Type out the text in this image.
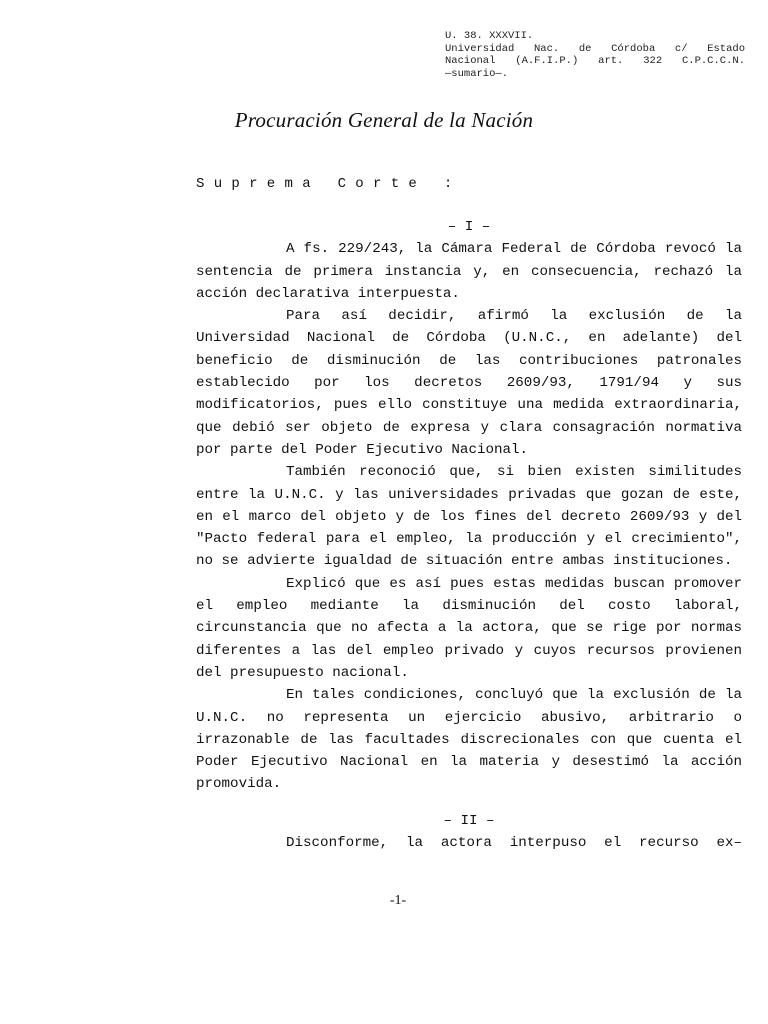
U. 38. XXXVII.
Universidad Nac. de Córdoba c/ Estado
Nacional (A.F.I.P.) art. 322 C.P.C.C.N.
—sumario—.
Procuración General de la Nación
Suprema Corte :
– I –

A fs. 229/243, la Cámara Federal de Córdoba revocó la sentencia de primera instancia y, en consecuencia, rechazó la acción declarativa interpuesta.

Para así decidir, afirmó la exclusión de la Universidad Nacional de Córdoba (U.N.C., en adelante) del beneficio de disminución de las contribuciones patronales establecido por los decretos 2609/93, 1791/94 y sus modificatorios, pues ello constituye una medida extraordinaria, que debió ser objeto de expresa y clara consagración normativa por parte del Poder Ejecutivo Nacional.

También reconoció que, si bien existen similitudes entre la U.N.C. y las universidades privadas que gozan de este, en el marco del objeto y de los fines del decreto 2609/93 y del "Pacto federal para el empleo, la producción y el crecimiento", no se advierte igualdad de situación entre ambas instituciones.

Explicó que es así pues estas medidas buscan promover el empleo mediante la disminución del costo laboral, circunstancia que no afecta a la actora, que se rige por normas diferentes a las del empleo privado y cuyos recursos provienen del presupuesto nacional.

En tales condiciones, concluyó que la exclusión de la U.N.C. no representa un ejercicio abusivo, arbitrario o irrazonable de las facultades discrecionales con que cuenta el Poder Ejecutivo Nacional en la materia y desestimó la acción promovida.

– II –

Disconforme, la actora interpuso el recurso ex–

-1-
